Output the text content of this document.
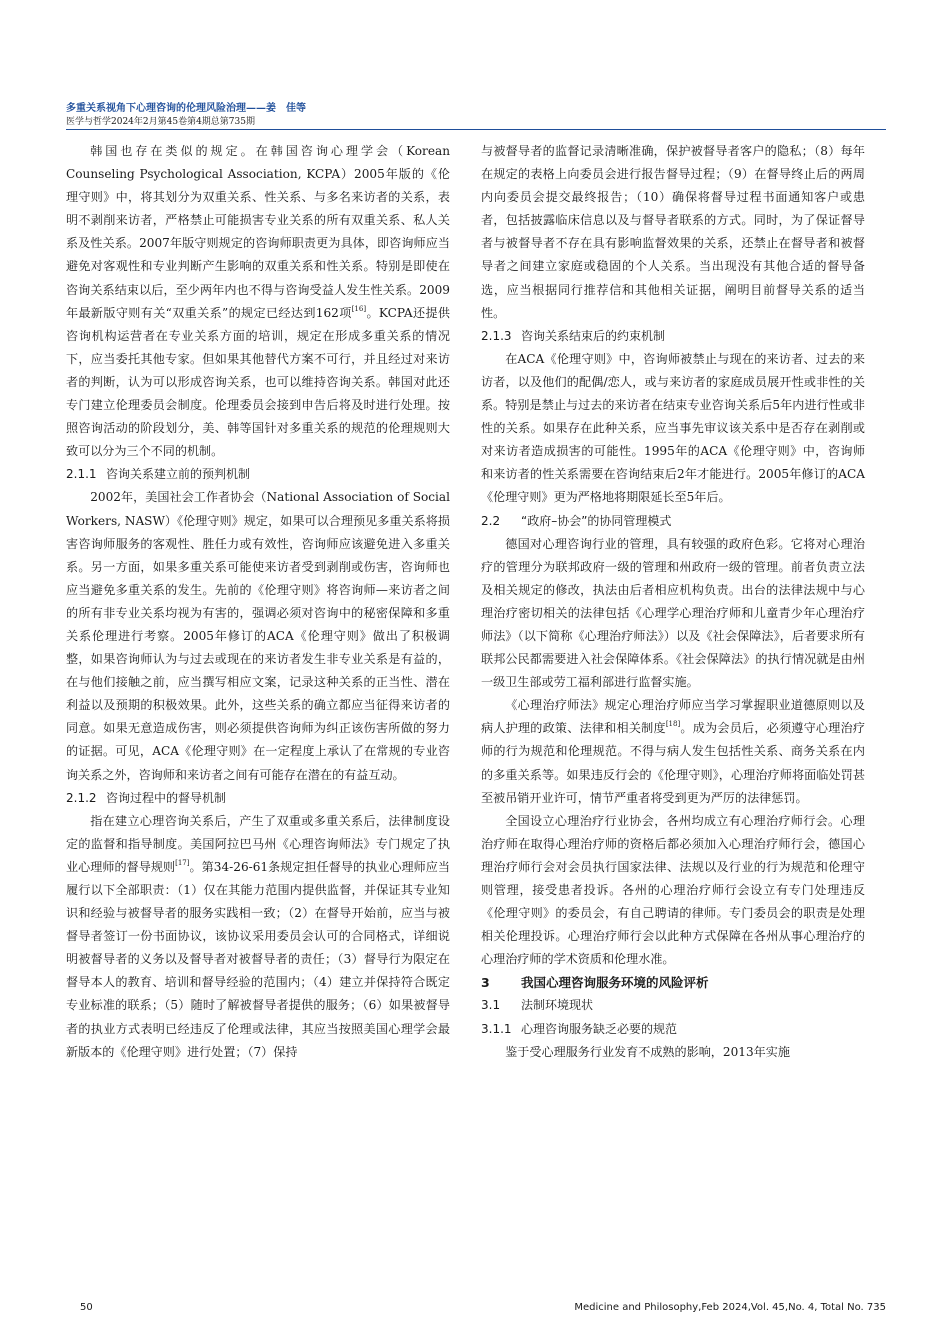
多重关系视角下心理咨询的伦理风险治理——姜　佳等
医学与哲学2024年2月第45卷第4期总第735期

韩国也存在类似的规定。在韩国咨询心理学会（Korean Counseling Psychological Association, KCPA）2005年版的《伦理守则》中，将其划分为双重关系、性关系、与多名来访者的关系，表明不剥削来访者，严格禁止可能损害专业关系的所有双重关系、私人关系及性关系。2007年版守则规定的咨询师职责更为具体，即咨询师应当避免对客观性和专业判断产生影响的双重关系和性关系。特别是即使在咨询关系结束以后，至少两年内也不得与咨询受益人发生性关系。2009年最新版守则有关“双重关系”的规定已经达到162项[16]。KCPA还提供咨询机构运营者在专业关系方面的培训，规定在形成多重关系的情况下，应当委托其他专家。但如果其他替代方案不可行，并且经过对来访者的判断，认为可以形成咨询关系，也可以维持咨询关系。韩国对此还专门建立伦理委员会制度。伦理委员会接到申告后将及时进行处理。按照咨询活动的阶段划分，美、韩等国针对多重关系的规范的伦理规则大致可以分为三个不同的机制。

2.1.1 咨询关系建立前的预判机制

2002年，美国社会工作者协会（National Association of Social Workers, NASW）《伦理守则》规定，如果可以合理预见多重关系将损害咨询师服务的客观性、胜任力或有效性，咨询师应该避免进入多重关系。另一方面，如果多重关系可能使来访者受到剥削或伤害，咨询师也应当避免多重关系的发生。先前的《伦理守则》将咨询师—来访者之间的所有非专业关系均视为有害的，强调必须对咨询中的秘密保障和多重关系伦理进行考察。2005年修订的ACA《伦理守则》做出了积极调整，如果咨询师认为与过去或现在的来访者发生非专业关系是有益的，在与他们接触之前，应当撰写相应文案，记录这种关系的正当性、潜在利益以及预期的积极效果。此外，这些关系的确立都应当征得来访者的同意。如果无意造成伤害，则必须提供咨询师为纠正该伤害所做的努力的证据。可见，ACA《伦理守则》在一定程度上承认了在常规的专业咨询关系之外，咨询师和来访者之间有可能存在潜在的有益互动。

2.1.2 咨询过程中的督导机制

指在建立心理咨询关系后，产生了双重或多重关系后，法律制度设定的监督和指导制度。美国阿拉巴马州《心理咨询师法》专门规定了执业心理师的督导规则[17]。第34-26-61条规定担任督导的执业心理师应当履行以下全部职责：（1）仅在其能力范围内提供监督，并保证其专业知识和经验与被督导者的服务实践相一致；（2）在督导开始前，应当与被督导者签订一份书面协议，该协议采用委员会认可的合同格式，详细说明被督导者的义务以及督导者对被督导者的责任；（3）督导行为限定在督导本人的教育、培训和督导经验的范围内；（4）建立并保持符合既定专业标准的联系；（5）随时了解被督导者提供的服务；（6）如果被督导者的执业方式表明已经违反了伦理或法律，其应当按照美国心理学会最新版本的《伦理守则》进行处置；（7）保持

与被督导者的监督记录清晰准确，保护被督导者客户的隐私；（8）每年在规定的表格上向委员会进行报告督导过程；（9）在督导终止后的两周内向委员会提交最终报告；（10）确保将督导过程书面通知客户或患者，包括披露临床信息以及与督导者联系的方式。同时，为了保证督导者与被督导者不存在具有影响监督效果的关系，还禁止在督导者和被督导者之间建立家庭或稳固的个人关系。当出现没有其他合适的督导备选，应当根据同行推荐信和其他相关证据，阐明目前督导关系的适当性。

2.1.3 咨询关系结束后的约束机制

在ACA《伦理守则》中，咨询师被禁止与现在的来访者、过去的来访者，以及他们的配偶/恋人，或与来访者的家庭成员展开性或非性的关系。特别是禁止与过去的来访者在结束专业咨询关系后5年内进行性或非性的关系。如果存在此种关系，应当事先审议该关系中是否存在剥削或对来访者造成损害的可能性。1995年的ACA《伦理守则》中，咨询师和来访者的性关系需要在咨询结束后2年才能进行。2005年修订的ACA《伦理守则》更为严格地将期限延长至5年后。

2.2 “政府–协会”的协同管理模式

德国对心理咨询行业的管理，具有较强的政府色彩。它将对心理治疗的管理分为联邦政府一级的管理和州政府一级的管理。前者负责立法及相关规定的修改，执法由后者相应机构负责。出台的法律法规中与心理治疗密切相关的法律包括《心理学心理治疗师和儿童青少年心理治疗师法》（以下简称《心理治疗师法》）以及《社会保障法》，后者要求所有联邦公民都需要进入社会保障体系。《社会保障法》的执行情况就是由州一级卫生部或劳工福利部进行监督实施。

《心理治疗师法》规定心理治疗师应当学习掌握职业道德原则以及病人护理的政策、法律和相关制度[18]。成为会员后，必须遵守心理治疗师的行为规范和伦理规范。不得与病人发生包括性关系、商务关系在内的多重关系等。如果违反行会的《伦理守则》，心理治疗师将面临处罚甚至被吊销开业许可，情节严重者将受到更为严厉的法律惩罚。

全国设立心理治疗行业协会，各州均成立有心理治疗师行会。心理治疗师在取得心理治疗师的资格后都必须加入心理治疗师行会，德国心理治疗师行会对会员执行国家法律、法规以及行业的行为规范和伦理守则管理，接受患者投诉。各州的心理治疗师行会设立有专门处理违反《伦理守则》的委员会，有自己聘请的律师。专门委员会的职责是处理相关伦理投诉。心理治疗师行会以此种方式保障在各州从事心理治疗的心理治疗师的学术资质和伦理水准。

3	我国心理咨询服务环境的风险评析

3.1 法制环境现状

3.1.1 心理咨询服务缺乏必要的规范

鉴于受心理服务行业发育不成熟的影响，2013年实施

50	Medicine and Philosophy,Feb 2024,Vol. 45,No. 4, Total No. 735
